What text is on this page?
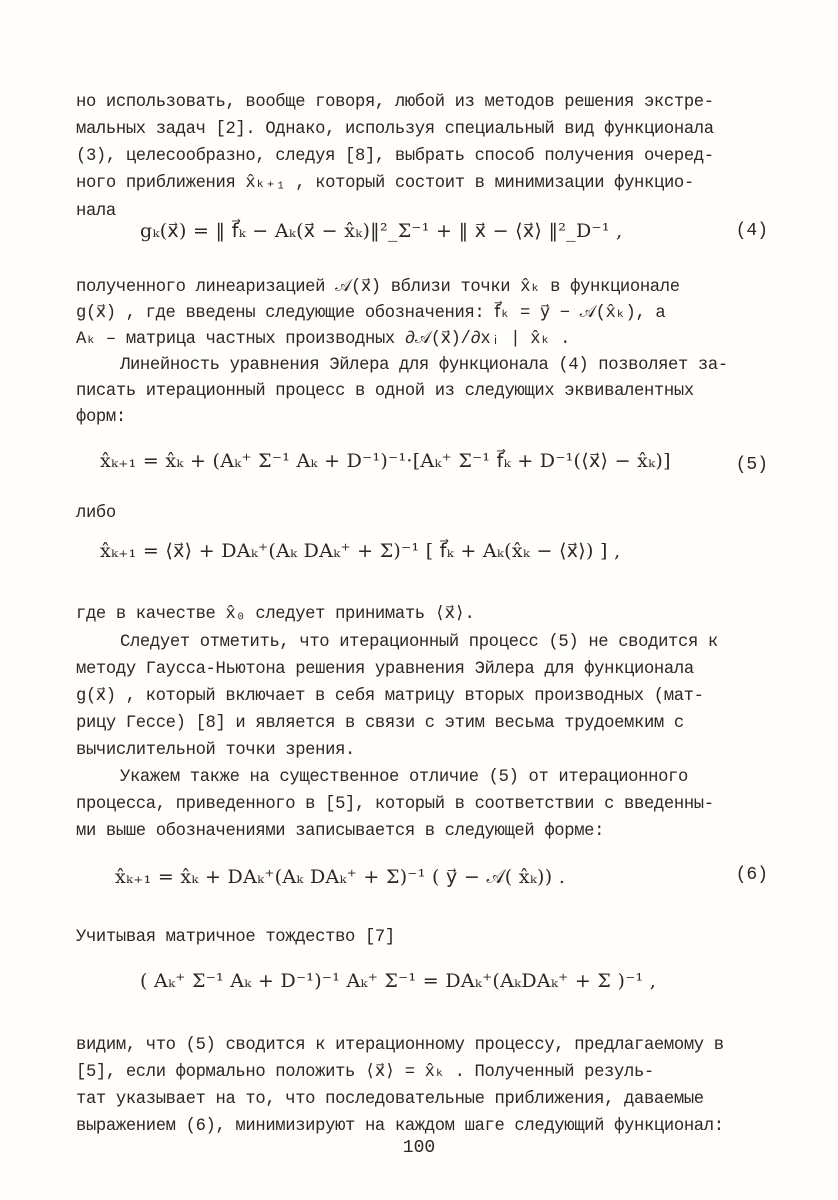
но использовать, вообще говоря, любой из методов решения экстре-
мальных задач [2]. Однако, используя специальный вид функционала
(3), целесообразно, следуя [8], выбрать способ получения очеред-
ного приближения x̂ₖ₊₁ , который состоит в минимизации функцио-
нала
gₖ(x⃗) = ‖ f⃗ₖ − Aₖ(x⃗ − x̂ₖ)‖²_Σ⁻¹ + ‖ x⃗ − ⟨x⃗⟩ ‖²_D⁻¹ ,	(4)
полученного линеаризацией 𝒜(x⃗) вблизи точки x̂ₖ в функционале
g(x⃗) , где введены следующие обозначения: f⃗ₖ = y⃗ − 𝒜(x̂ₖ), а
Aₖ – матрица частных производных ∂𝒜(x⃗)/∂xᵢ | x̂ₖ .
Линейность уравнения Эйлера для функционала (4) позволяет за-
писать итерационный процесс в одной из следующих эквивалентных
форм:
x̂ₖ₊₁ = x̂ₖ + (Aₖ⁺ Σ⁻¹ Aₖ + D⁻¹)⁻¹·[Aₖ⁺ Σ⁻¹ f⃗ₖ + D⁻¹(⟨x⃗⟩ − x̂ₖ)]	(5)
либо
x̂ₖ₊₁ = ⟨x⃗⟩ + DAₖ⁺(Aₖ DAₖ⁺ + Σ)⁻¹ [ f⃗ₖ + Aₖ(x̂ₖ − ⟨x⃗⟩) ] ,
где в качестве x̂₀ следует принимать ⟨x⃗⟩.
Следует отметить, что итерационный процесс (5) не сводится к
методу Гаусса-Ньютона решения уравнения Эйлера для функционала
g(x⃗) , который включает в себя матрицу вторых производных (мат-
рицу Гессе) [8] и является в связи с этим весьма трудоемким с
вычислительной точки зрения.
Укажем также на существенное отличие (5) от итерационного
процесса, приведенного в [5], который в соответствии с введенны-
ми выше обозначениями записывается в следующей форме:
x̂ₖ₊₁ = x̂ₖ + DAₖ⁺(Aₖ DAₖ⁺ + Σ)⁻¹ ( y⃗ − 𝒜( x̂ₖ)) .	(6)
Учитывая матричное тождество [7]
( Aₖ⁺ Σ⁻¹ Aₖ + D⁻¹)⁻¹ Aₖ⁺ Σ⁻¹ = DAₖ⁺(AₖDAₖ⁺ + Σ )⁻¹ ,
видим, что (5) сводится к итерационному процессу, предлагаемому в
[5], если формально положить ⟨x⃗⟩ = x̂ₖ . Полученный резуль-
тат указывает на то, что последовательные приближения, даваемые
выражением (6), минимизируют на каждом шаге следующий функционал:
100
